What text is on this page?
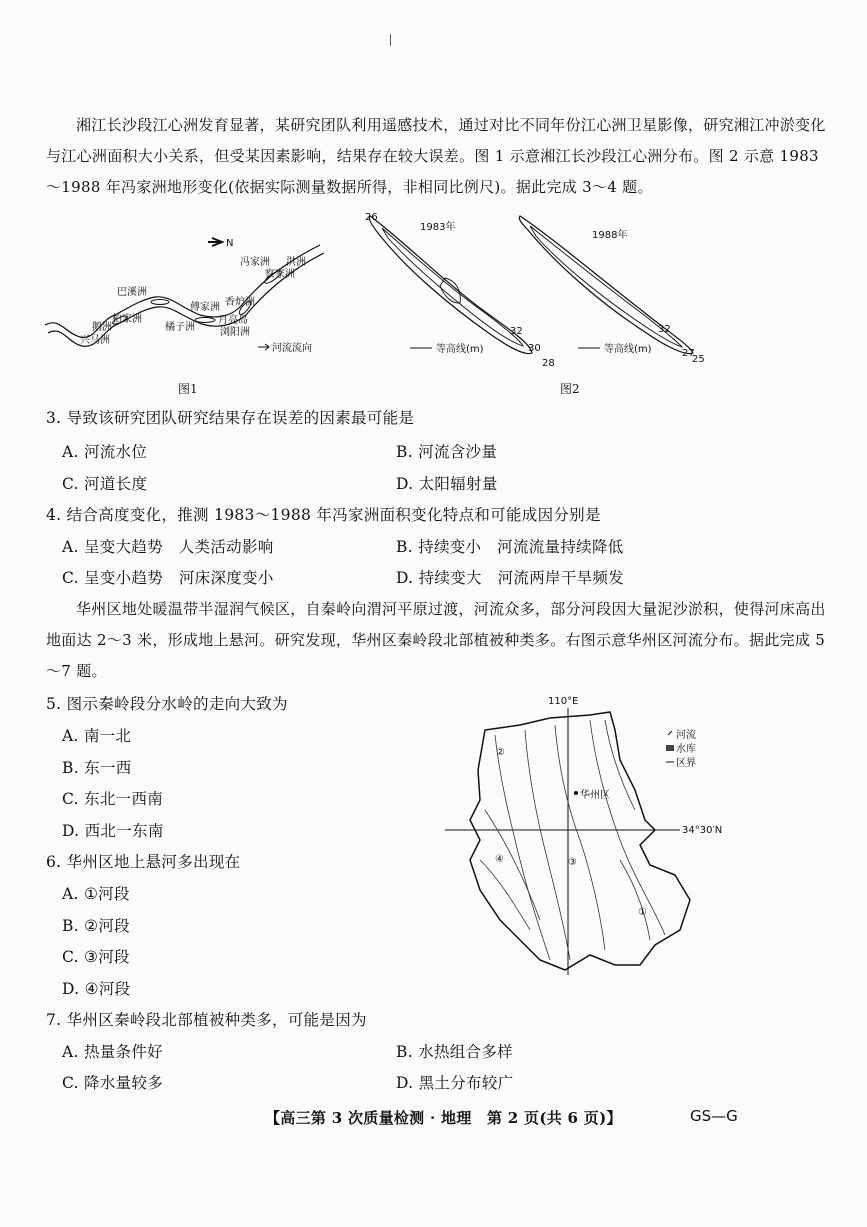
湘江长沙段江心洲发育显著，某研究团队利用遥感技术，通过对比不同年份江心洲卫星影像，研究湘江冲淤变化与江心洲面积大小关系，但受某因素影响，结果存在较大误差。图 1 示意湘江长沙段江心洲分布。图 2 示意 1983～1988 年冯家洲地形变化(依据实际测量数据所得，非相同比例尺)。据此完成 3～4 题。

N
冯家洲 洪洲
察家洲
巴溪洲
傅家洲 香炉洲
柏家洲	月亮岛
橘子洲	浏阳洲
鹅洲
兴马洲
河流流向
图1
26
32
30
28
1983年
32
27
25
1988年
等高线(m)	等高线(m)
图2

3. 导致该研究团队研究结果存在误差的因素最可能是

A. 河流水位	B. 河流含沙量

C. 河道长度	D. 太阳辐射量

4. 结合高度变化，推测 1983～1988 年冯家洲面积变化特点和可能成因分别是

A. 呈变大趋势　人类活动影响	B. 持续变小　河流流量持续降低

C. 呈变小趋势　河床深度变小	D. 持续变大　河流两岸干旱频发

华州区地处暖温带半湿润气候区，自秦岭向渭河平原过渡，河流众多，部分河段因大量泥沙淤积，使得河床高出地面达 2～3 米，形成地上悬河。研究发现，华州区秦岭段北部植被种类多。右图示意华州区河流分布。据此完成 5～7 题。

5. 图示秦岭段分水岭的走向大致为

A. 南一北

B. 东一西

C. 东北一西南

D. 西北一东南

6. 华州区地上悬河多出现在

A. ①河段

B. ②河段

C. ③河段

D. ④河段

110°E
34°30′N
华州区
①
②
③
④
河流
水库
区界

7. 华州区秦岭段北部植被种类多，可能是因为

A. 热量条件好	B. 水热组合多样

C. 降水量较多	D. 黑土分布较广

【高三第 3 次质量检测 · 地理　第 2 页(共 6 页)】	GS—G
